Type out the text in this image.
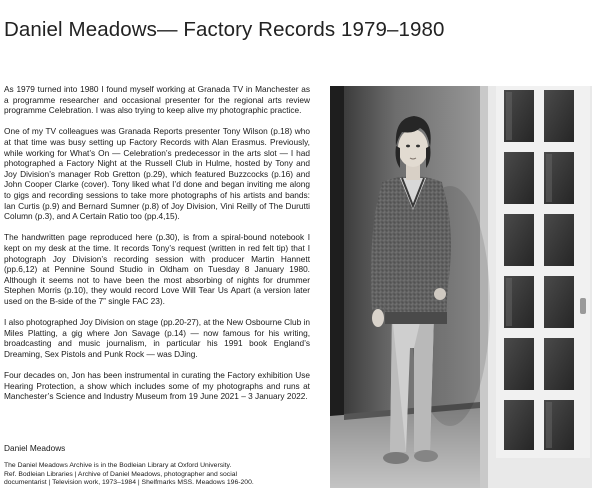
Daniel Meadows— Factory Records 1979–1980

As 1979 turned into 1980 I found myself working at Granada TV in Manchester as a programme researcher and occasional presenter for the regional arts review programme Celebration. I was also trying to keep alive my photographic practice.

One of my TV colleagues was Granada Reports presenter Tony Wilson (p.18) who at that time was busy setting up Factory Records with Alan Erasmus. Previously, while working for What’s On — Celebration’s predecessor in the arts slot — I had photographed a Factory Night at the Russell Club in Hulme, hosted by Tony and Joy Division’s manager Rob Gretton (p.29), which featured Buzzcocks (p.16) and John Cooper Clarke (cover). Tony liked what I’d done and began inviting me along to gigs and recording sessions to take more photographs of his artists and bands: Ian Curtis (p.9) and Bernard Sumner (p.8) of Joy Division, Vini Reilly of The Durutti Column (p.3), and A Certain Ratio too (pp.4,15).

The handwritten page reproduced here (p.30), is from a spiral-bound notebook I kept on my desk at the time. It records Tony’s request (written in red felt tip) that I photograph Joy Division’s recording session with producer Martin Hannett (pp.6,12) at Pennine Sound Studio in Oldham on Tuesday 8 January 1980. Although it seems not to have been the most absorbing of nights for drummer Stephen Morris (p.10), they would record Love Will Tear Us Apart (a version later used on the B-side of the 7” single FAC 23).

I also photographed Joy Division on stage (pp.20-27), at the New Osbourne Club in Miles Platting, a gig where Jon Savage (p.14) — now famous for his writing, broadcasting and music journalism, in particular his 1991 book England’s Dreaming, Sex Pistols and Punk Rock — was DJing.

Four decades on, Jon has been instrumental in curating the Factory exhibition Use Hearing Protection, a show which includes some of my photographs and runs at Manchester’s Science and Industry Museum from 19 June 2021 – 3 January 2022.

Daniel Meadows
The Daniel Meadows Archive is in the Bodleian Library at Oxford University.
Ref. Bodleian Libraries | Archive of Daniel Meadows, photographer and social
documentarist | Television work, 1973–1984 | Shelfmarks MSS. Meadows 196-200.
